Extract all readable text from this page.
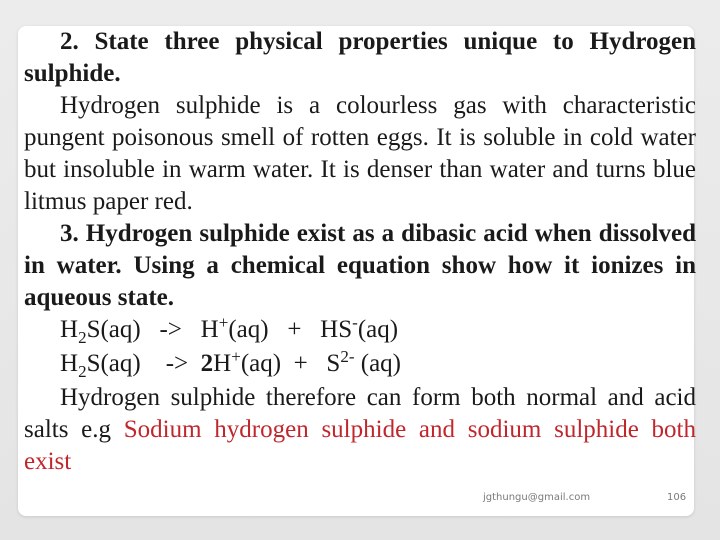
2. State three physical properties unique to Hydrogen sulphide.

Hydrogen sulphide is a colourless gas with characteristic pungent poisonous smell of rotten eggs. It is soluble in cold water but insoluble in warm water. It is denser than water and turns blue litmus paper red.

3. Hydrogen sulphide exist as a dibasic acid when dissolved in water. Using a chemical equation show how it ionizes in aqueous state.

$H_2S(aq) -> H^+(aq) + HS^-(aq)$

$H_2S(aq) -> 2H^+(aq) + S^{2-}$ (aq)

Hydrogen sulphide therefore can form both normal and acid salts e.g Sodium hydrogen sulphide and sodium sulphide both exist

jgthungu@gmail.com	106
